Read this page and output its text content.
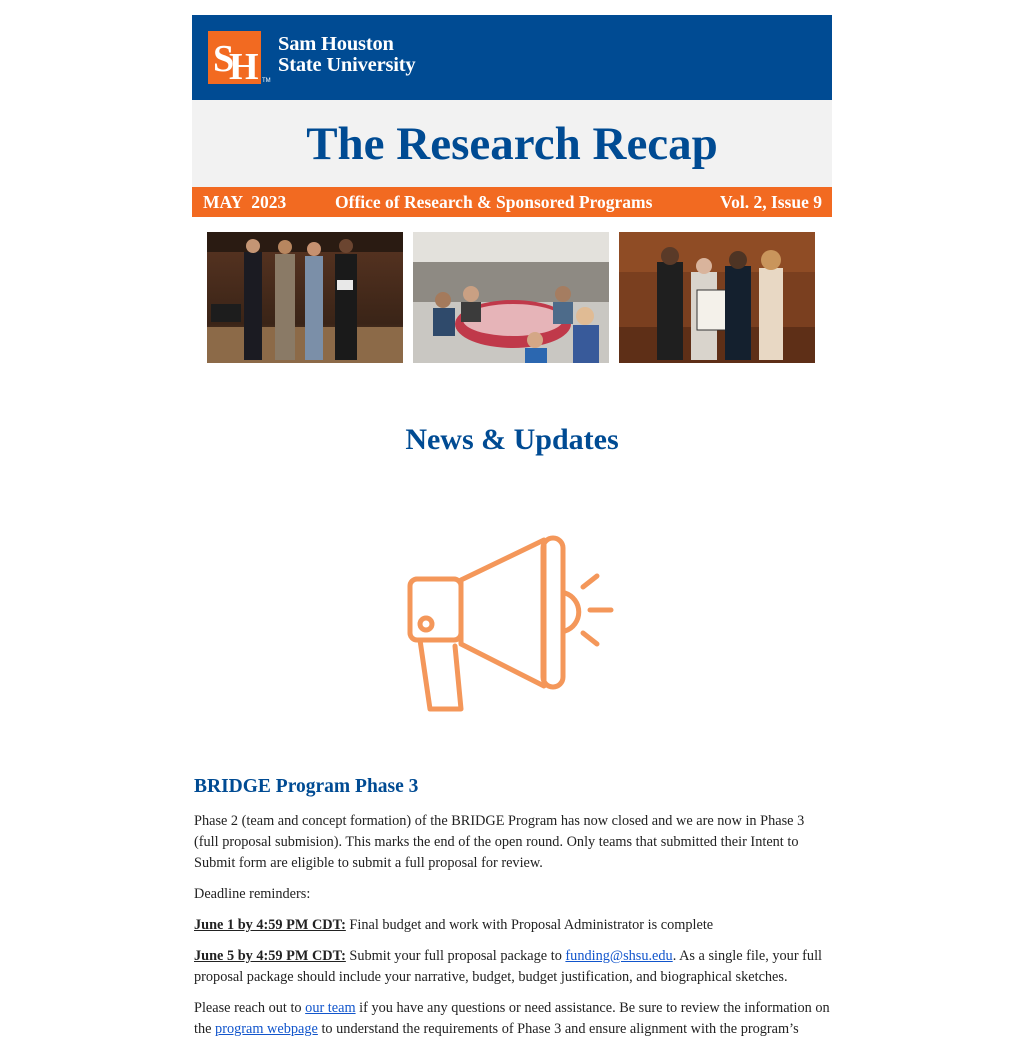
S H TM
Sam Houston
State University
The Research Recap
MAY  2023	Office of Research & Sponsored Programs	Vol. 2, Issue 9
News & Updates
BRIDGE Program Phase 3

Phase 2 (team and concept formation) of the BRIDGE Program has now closed and we are now in Phase 3 (full proposal submision). This marks the end of the open round. Only teams that submitted their Intent to Submit form are eligible to submit a full proposal for review.

Deadline reminders:

June 1 by 4:59 PM CDT: Final budget and work with Proposal Administrator is complete

June 5 by 4:59 PM CDT: Submit your full proposal package to funding@shsu.edu. As a single file, your full proposal package should include your narrative, budget, budget justification, and biographical sketches.

Please reach out to our team if you have any questions or need assistance. Be sure to review the information on the program webpage to understand the requirements of Phase 3 and ensure alignment with the program’s
